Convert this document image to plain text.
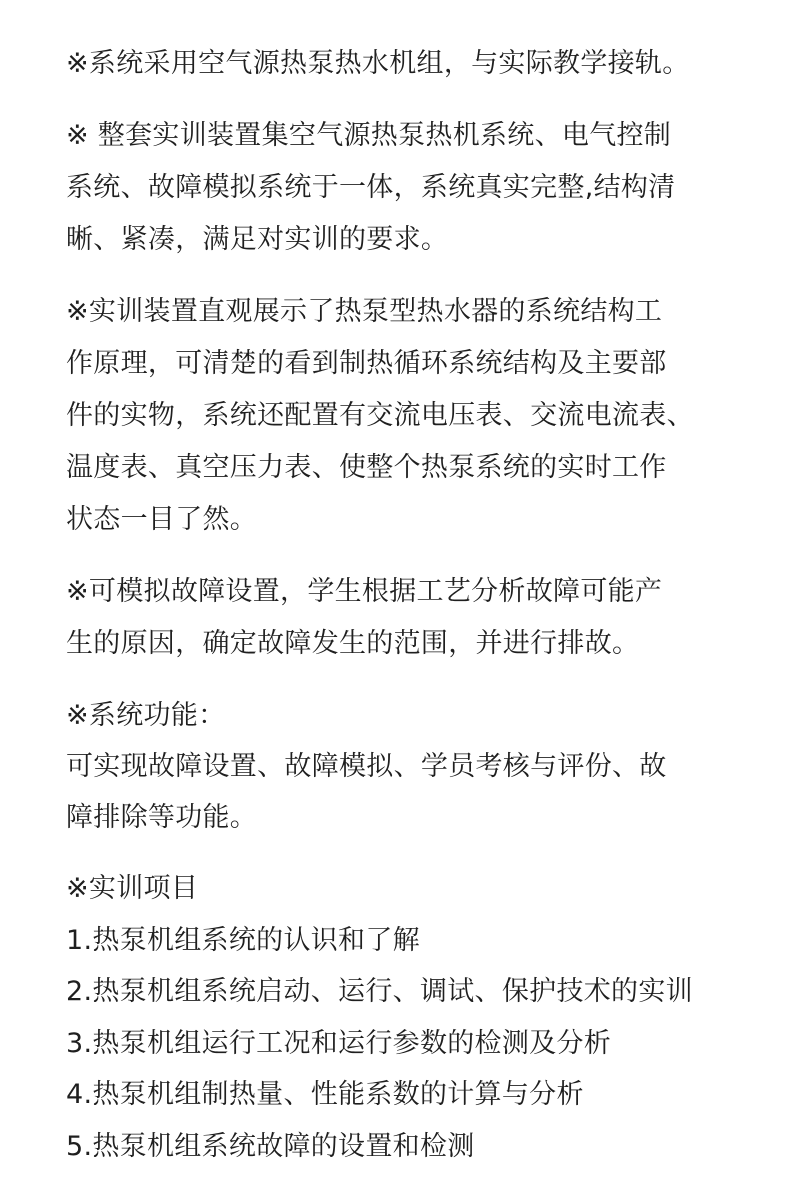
※系统采用空气源热泵热水机组，与实际教学接轨。

※ 整套实训装置集空气源热泵热机系统、电气控制
系统、故障模拟系统于一体，系统真实完整,结构清
晰、紧凑，满足对实训的要求。

※实训装置直观展示了热泵型热水器的系统结构工
作原理，可清楚的看到制热循环系统结构及主要部
件的实物，系统还配置有交流电压表、交流电流表、
温度表、真空压力表、使整个热泵系统的实时工作
状态一目了然。

※可模拟故障设置，学生根据工艺分析故障可能产
生的原因，确定故障发生的范围，并进行排故。

※系统功能：
可实现故障设置、故障模拟、学员考核与评份、故
障排除等功能。
※实训项目
1.热泵机组系统的认识和了解
2.热泵机组系统启动、运行、调试、保护技术的实训
3.热泵机组运行工况和运行参数的检测及分析
4.热泵机组制热量、性能系数的计算与分析
5.热泵机组系统故障的设置和检测
